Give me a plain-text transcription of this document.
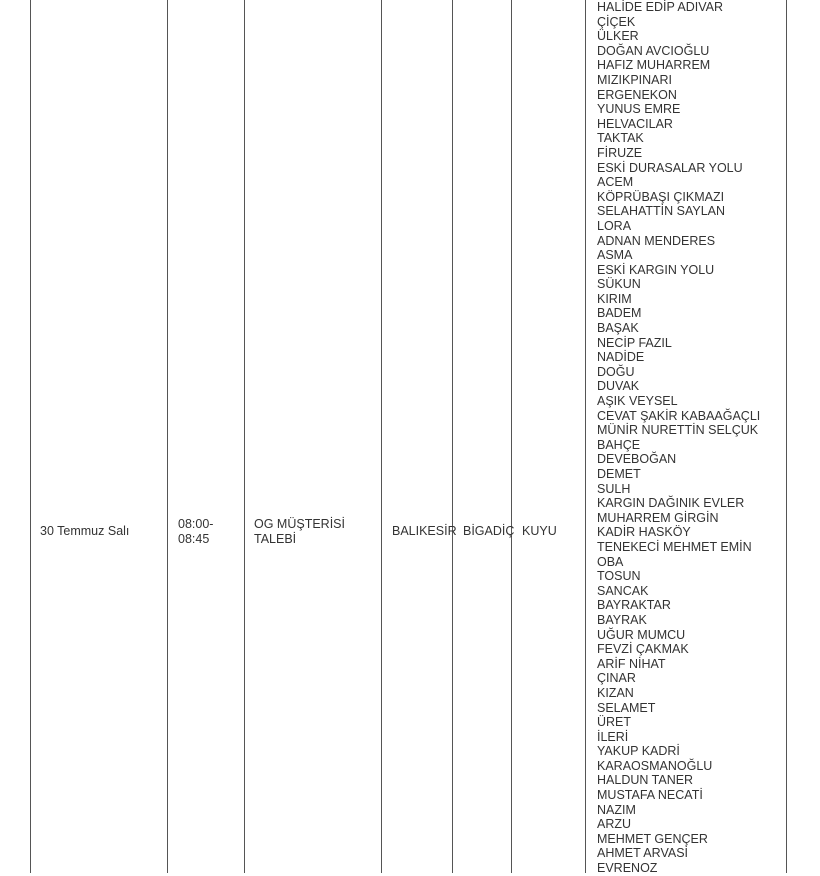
30 Temmuz Salı	08:00-
08:45
OG MÜŞTERİSİ
TALEBİ
BALIKESİR BİGADİÇ KUYU
HALİDE EDİP ADIVAR
ÇİÇEK
ÜLKER
DOĞAN AVCIOĞLU
HAFIZ MUHARREM
MIZIKPINARI
ERGENEKON
YUNUS EMRE
HELVACILAR
TAKTAK
FİRUZE
ESKİ DURASALAR YOLU
ACEM
KÖPRÜBAŞI ÇIKMAZI
SELAHATTİN SAYLAN
LORA
ADNAN MENDERES
ASMA
ESKİ KARGIN YOLU
SÜKUN
KIRIM
BADEM
BAŞAK
NECİP FAZIL
NADİDE
DOĞU
DUVAK
AŞIK VEYSEL
CEVAT ŞAKİR KABAAĞAÇLI
MÜNİR NURETTİN SELÇUK
BAHÇE
DEVEBOĞAN
DEMET
SULH
KARGIN DAĞINIK EVLER
MUHARREM GİRGİN
KADİR HASKÖY
TENEKECİ MEHMET EMİN
OBA
TOSUN
SANCAK
BAYRAKTAR
BAYRAK
UĞUR MUMCU
FEVZİ ÇAKMAK
ARİF NİHAT
ÇINAR
KIZAN
SELAMET
ÜRET
İLERİ
YAKUP KADRİ
KARAOSMANOĞLU
HALDUN TANER
MUSTAFA NECATİ
NAZIM
ARZU
MEHMET GENÇER
AHMET ARVASİ
EVRENOZ
